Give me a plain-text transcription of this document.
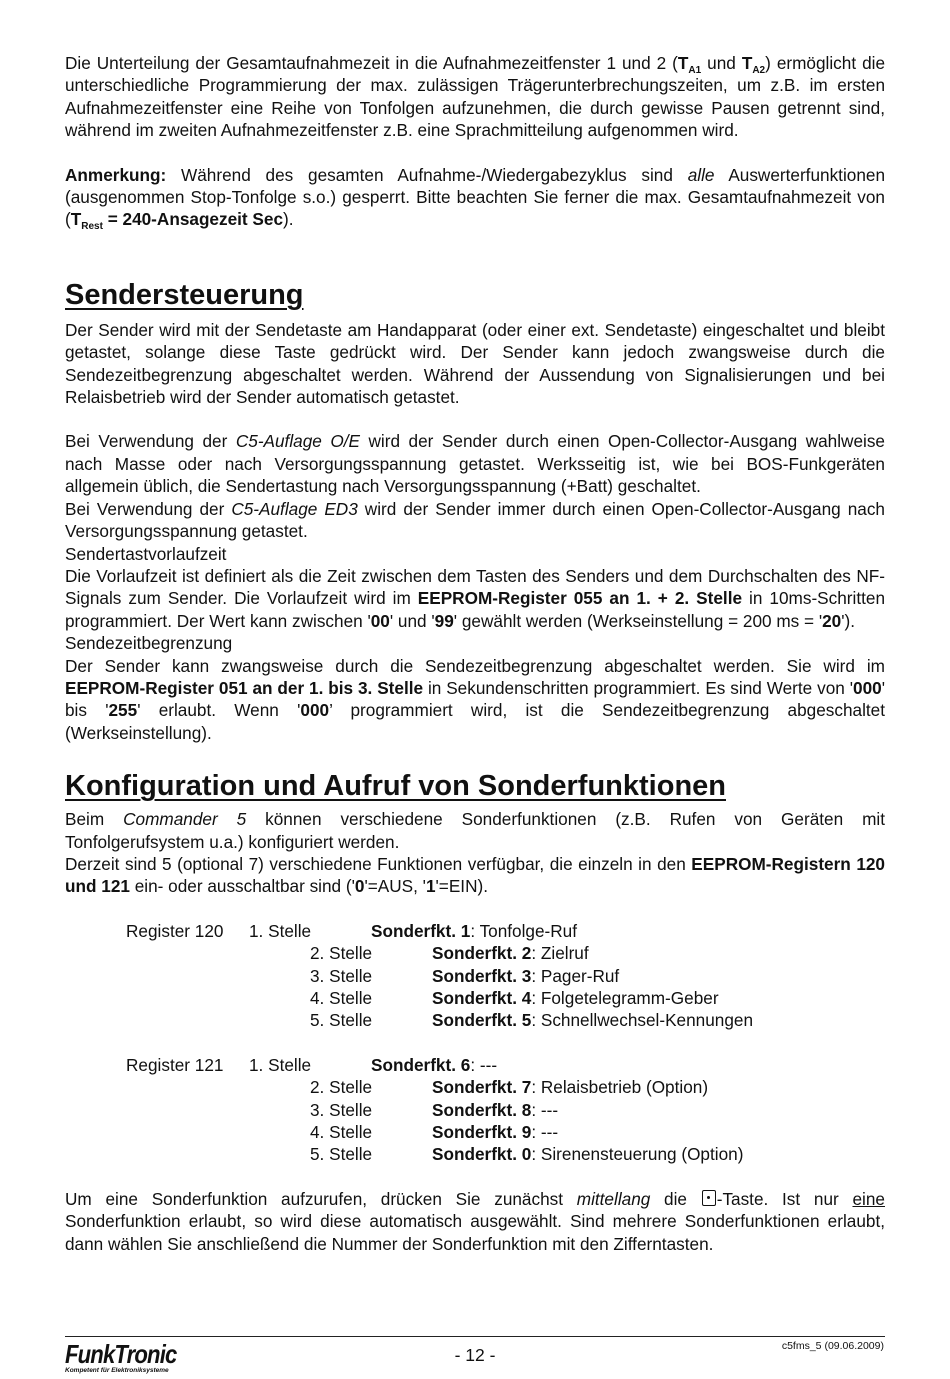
Die Unterteilung der Gesamtaufnahmezeit in die Aufnahmezeitfenster 1 und 2 ($T_{A1}$ und $T_{A2}$) ermöglicht die unterschiedliche Programmierung der max. zulässigen Trägerunterbrechungszeiten, um z.B. im ersten Aufnahmezeitfenster eine Reihe von Tonfolgen aufzunehmen, die durch gewisse Pausen getrennt sind, während im zweiten Aufnahmezeitfenster z.B. eine Sprachmitteilung aufgenommen wird.

Anmerkung: Während des gesamten Aufnahme-/Wiedergabezyklus sind alle Auswerterfunktionen (ausgenommen Stop-Tonfolge s.o.) gesperrt. Bitte beachten Sie ferner die max. Gesamtaufnahmezeit von ($T_{Rest}$ = 240-Ansagezeit Sec).

Sendersteuerung

Der Sender wird mit der Sendetaste am Handapparat (oder einer ext. Sendetaste) eingeschaltet und bleibt getastet, solange diese Taste gedrückt wird. Der Sender kann jedoch zwangsweise durch die Sendezeitbegrenzung abgeschaltet werden. Während der Aussendung von Signalisierungen und bei Relaisbetrieb wird der Sender automatisch getastet.

Bei Verwendung der C5-Auflage O/E wird der Sender durch einen Open-Collector-Ausgang wahlweise nach Masse oder nach Versorgungsspannung getastet. Werksseitig ist, wie bei BOS-Funkgeräten allgemein üblich, die Sendertastung nach Versorgungsspannung (+Batt) geschaltet.

Bei Verwendung der C5-Auflage ED3 wird der Sender immer durch einen Open-Collector-Ausgang nach Versorgungsspannung getastet.

Sendertastvorlaufzeit

Die Vorlaufzeit ist definiert als die Zeit zwischen dem Tasten des Senders und dem Durchschalten des NF-Signals zum Sender. Die Vorlaufzeit wird im EEPROM-Register 055 an 1. + 2. Stelle in 10ms-Schritten programmiert. Der Wert kann zwischen '00' und '99' gewählt werden (Werkseinstellung = 200 ms = '20').

Sendezeitbegrenzung

Der Sender kann zwangsweise durch die Sendezeitbegrenzung abgeschaltet werden. Sie wird im EEPROM-Register 051 an der 1. bis 3. Stelle in Sekundenschritten programmiert. Es sind Werte von '000' bis '255' erlaubt. Wenn '000’ programmiert wird, ist die Sendezeitbegrenzung abgeschaltet (Werkseinstellung).

Konfiguration und Aufruf von Sonderfunktionen

Beim Commander 5 können verschiedene Sonderfunktionen (z.B. Rufen von Geräten mit Tonfolgerufsystem u.a.) konfiguriert werden.

Derzeit sind 5 (optional 7) verschiedene Funktionen verfügbar, die einzeln in den EEPROM-Registern 120 und 121 ein- oder ausschaltbar sind ('0'=AUS, '1'=EIN).

Register 120 1. Stelle	Sonderfkt. 1: Tonfolge-Ruf
2. Stelle	Sonderfkt. 2: Zielruf
3. Stelle	Sonderfkt. 3: Pager-Ruf
4. Stelle	Sonderfkt. 4: Folgetelegramm-Geber
5. Stelle	Sonderfkt. 5: Schnellwechsel-Kennungen
Register 121 1. Stelle	Sonderfkt. 6: ---
2. Stelle	Sonderfkt. 7: Relaisbetrieb (Option)
3. Stelle	Sonderfkt. 8: ---
4. Stelle	Sonderfkt. 9: ---
5. Stelle	Sonderfkt. 0: Sirenensteuerung (Option)

Um eine Sonderfunktion aufzurufen, drücken Sie zunächst mittellang die -Taste. Ist nur eine Sonderfunktion erlaubt, so wird diese automatisch ausgewählt. Sind mehrere Sonderfunktionen erlaubt, dann wählen Sie anschließend die Nummer der Sonderfunktion mit den Zifferntasten.

FunkTronic
Kompetent für Elektroniksysteme
- 12 -	c5fms_5 (09.06.2009)
